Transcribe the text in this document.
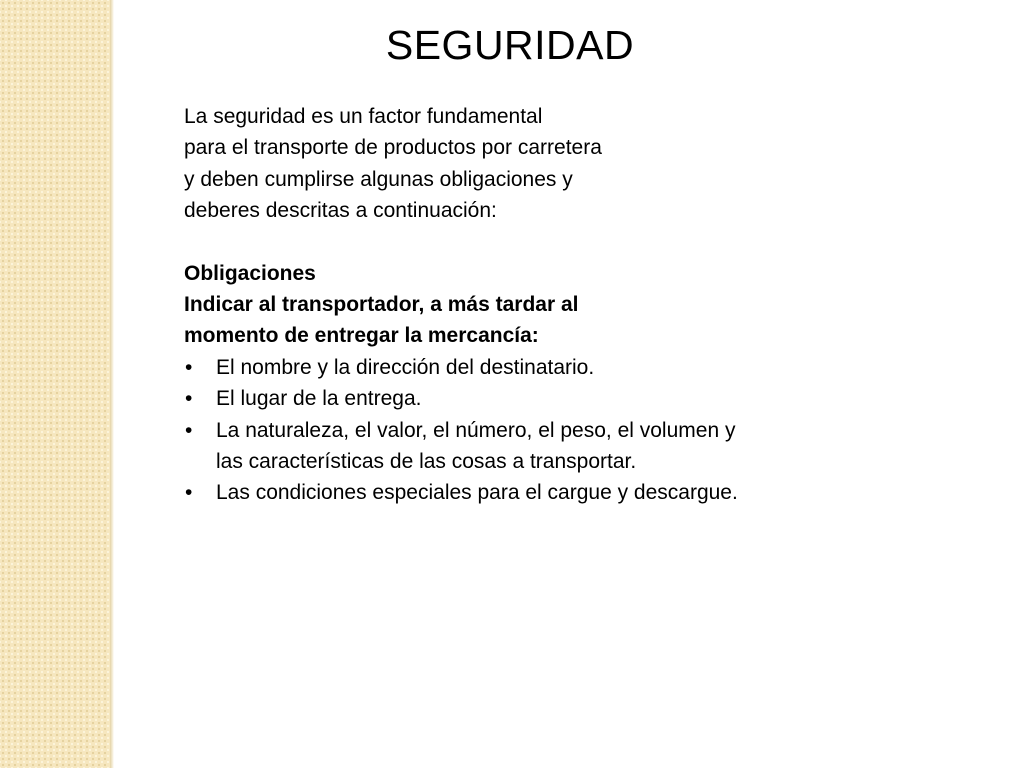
SEGURIDAD
La seguridad es un factor fundamental
para el transporte de productos por carretera
y deben cumplirse algunas obligaciones y
deberes descritas a continuación:
Obligaciones
Indicar al transportador, a más tardar al
momento de entregar la mercancía:
• El nombre y la dirección del destinatario.
• El lugar de la entrega.
• La naturaleza, el valor, el número, el peso, el volumen y
las características de las cosas a transportar.
• Las condiciones especiales para el cargue y descargue.
